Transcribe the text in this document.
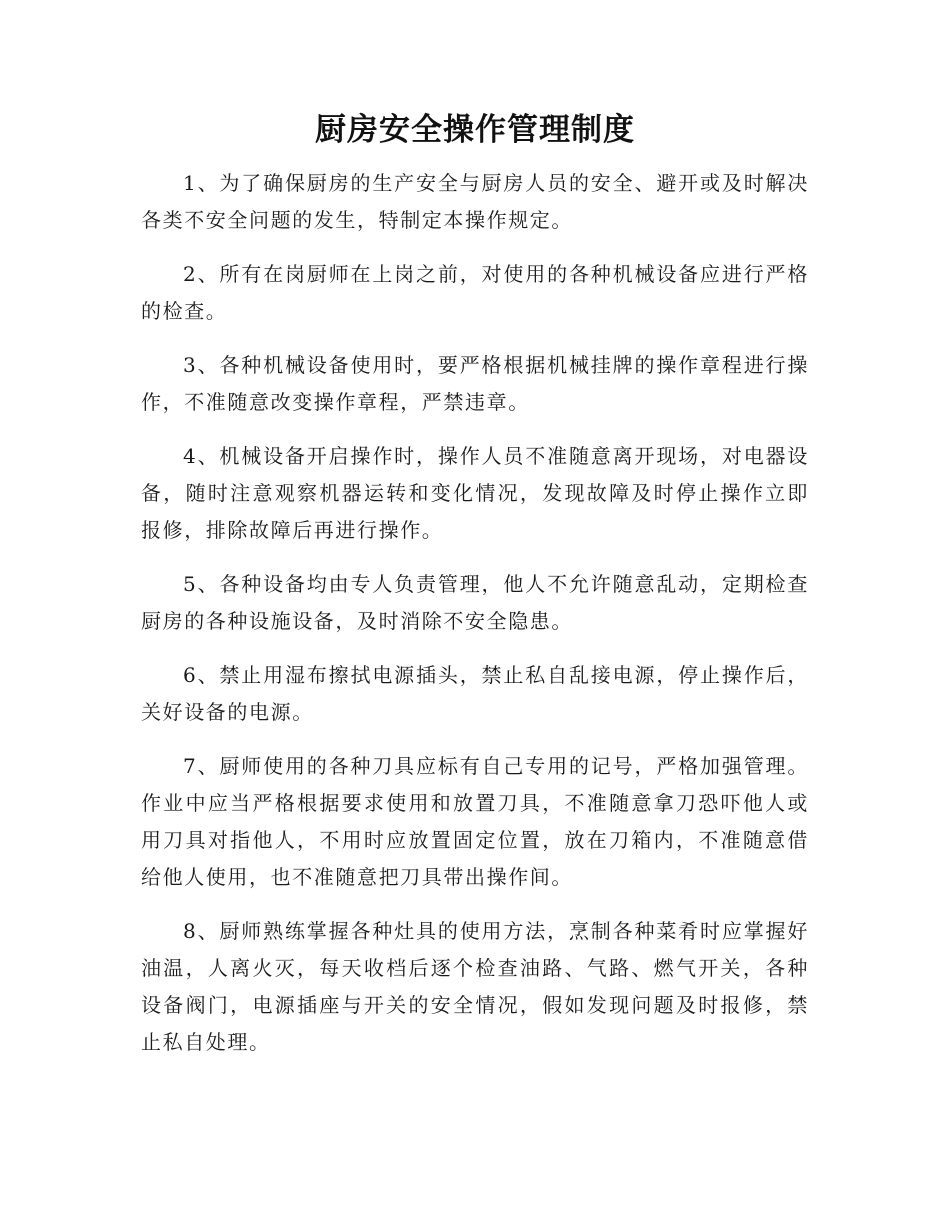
厨房安全操作管理制度

1、为了确保厨房的生产安全与厨房人员的安全、避开或及时解决各类不安全问题的发生，特制定本操作规定。

2、所有在岗厨师在上岗之前，对使用的各种机械设备应进行严格的检查。

3、各种机械设备使用时，要严格根据机械挂牌的操作章程进行操作，不准随意改变操作章程，严禁违章。

4、机械设备开启操作时，操作人员不准随意离开现场，对电器设备，随时注意观察机器运转和变化情况，发现故障及时停止操作立即报修，排除故障后再进行操作。

5、各种设备均由专人负责管理，他人不允许随意乱动，定期检查厨房的各种设施设备，及时消除不安全隐患。

6、禁止用湿布擦拭电源插头，禁止私自乱接电源，停止操作后，关好设备的电源。

7、厨师使用的各种刀具应标有自己专用的记号，严格加强管理。作业中应当严格根据要求使用和放置刀具，不准随意拿刀恐吓他人或用刀具对指他人，不用时应放置固定位置，放在刀箱内，不准随意借给他人使用，也不准随意把刀具带出操作间。

8、厨师熟练掌握各种灶具的使用方法，烹制各种菜肴时应掌握好油温，人离火灭，每天收档后逐个检查油路、气路、燃气开关，各种设备阀门，电源插座与开关的安全情况，假如发现问题及时报修，禁止私自处理。
